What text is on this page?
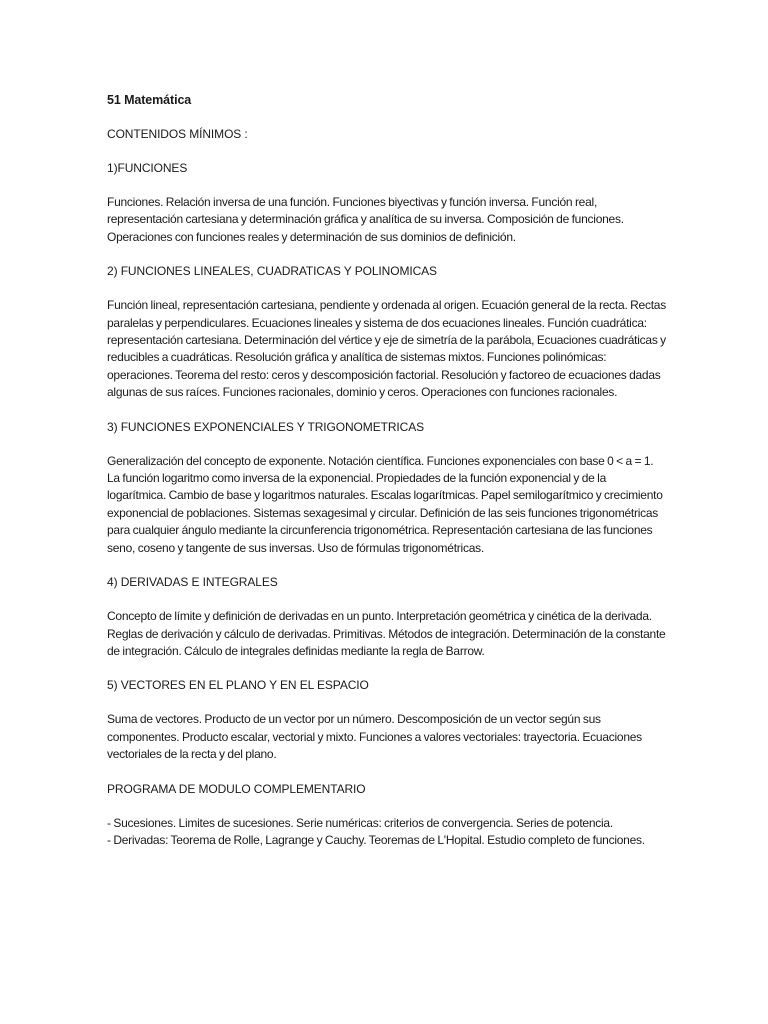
51 Matemática
CONTENIDOS MÍNIMOS :
1)FUNCIONES
Funciones. Relación inversa de una función. Funciones biyectivas y función inversa. Función real, representación cartesiana y determinación gráfica y analítica de su inversa. Composición de funciones. Operaciones con funciones reales y determinación de sus dominios de definición.
2) FUNCIONES LINEALES, CUADRATICAS Y POLINOMICAS
Función lineal, representación cartesiana, pendiente y ordenada al origen. Ecuación general de la recta. Rectas paralelas y perpendiculares. Ecuaciones lineales y sistema de dos ecuaciones lineales. Función cuadrática: representación cartesiana. Determinación del vértice y eje de simetría de la parábola, Ecuaciones cuadráticas y reducibles a cuadráticas. Resolución gráfica y analítica de sistemas mixtos. Funciones polinómicas: operaciones. Teorema del resto: ceros y descomposición factorial. Resolución y factoreo de ecuaciones dadas algunas de sus raíces. Funciones racionales, dominio y ceros. Operaciones con funciones racionales.
3) FUNCIONES EXPONENCIALES Y TRIGONOMETRICAS
Generalización del concepto de exponente. Notación científica. Funciones exponenciales con base 0 < a = 1. La función logaritmo como inversa de la exponencial. Propiedades de la función exponencial y de la logarítmica. Cambio de base y logaritmos naturales. Escalas logarítmicas. Papel semilogarítmico y crecimiento exponencial de poblaciones. Sistemas sexagesimal y circular. Definición de las seis funciones trigonométricas para cualquier ángulo mediante la circunferencia trigonométrica. Representación cartesiana de las funciones seno, coseno y tangente de sus inversas. Uso de fórmulas trigonométricas.
4) DERIVADAS E INTEGRALES
Concepto de límite y definición de derivadas en un punto. Interpretación geométrica y cinética de la derivada. Reglas de derivación y cálculo de derivadas. Primitivas. Métodos de integración. Determinación de la constante de integración. Cálculo de integrales definidas mediante la regla de Barrow.
5) VECTORES EN EL PLANO Y EN EL ESPACIO
Suma de vectores. Producto de un vector por un número. Descomposición de un vector según sus componentes. Producto escalar, vectorial y mixto. Funciones a valores vectoriales: trayectoria. Ecuaciones vectoriales de la recta y del plano.
PROGRAMA DE MODULO COMPLEMENTARIO
- Sucesiones. Limites de sucesiones. Serie numéricas: criterios de convergencia. Series de potencia.
- Derivadas: Teorema de Rolle, Lagrange y Cauchy. Teoremas de L'Hopital. Estudio completo de funciones.
